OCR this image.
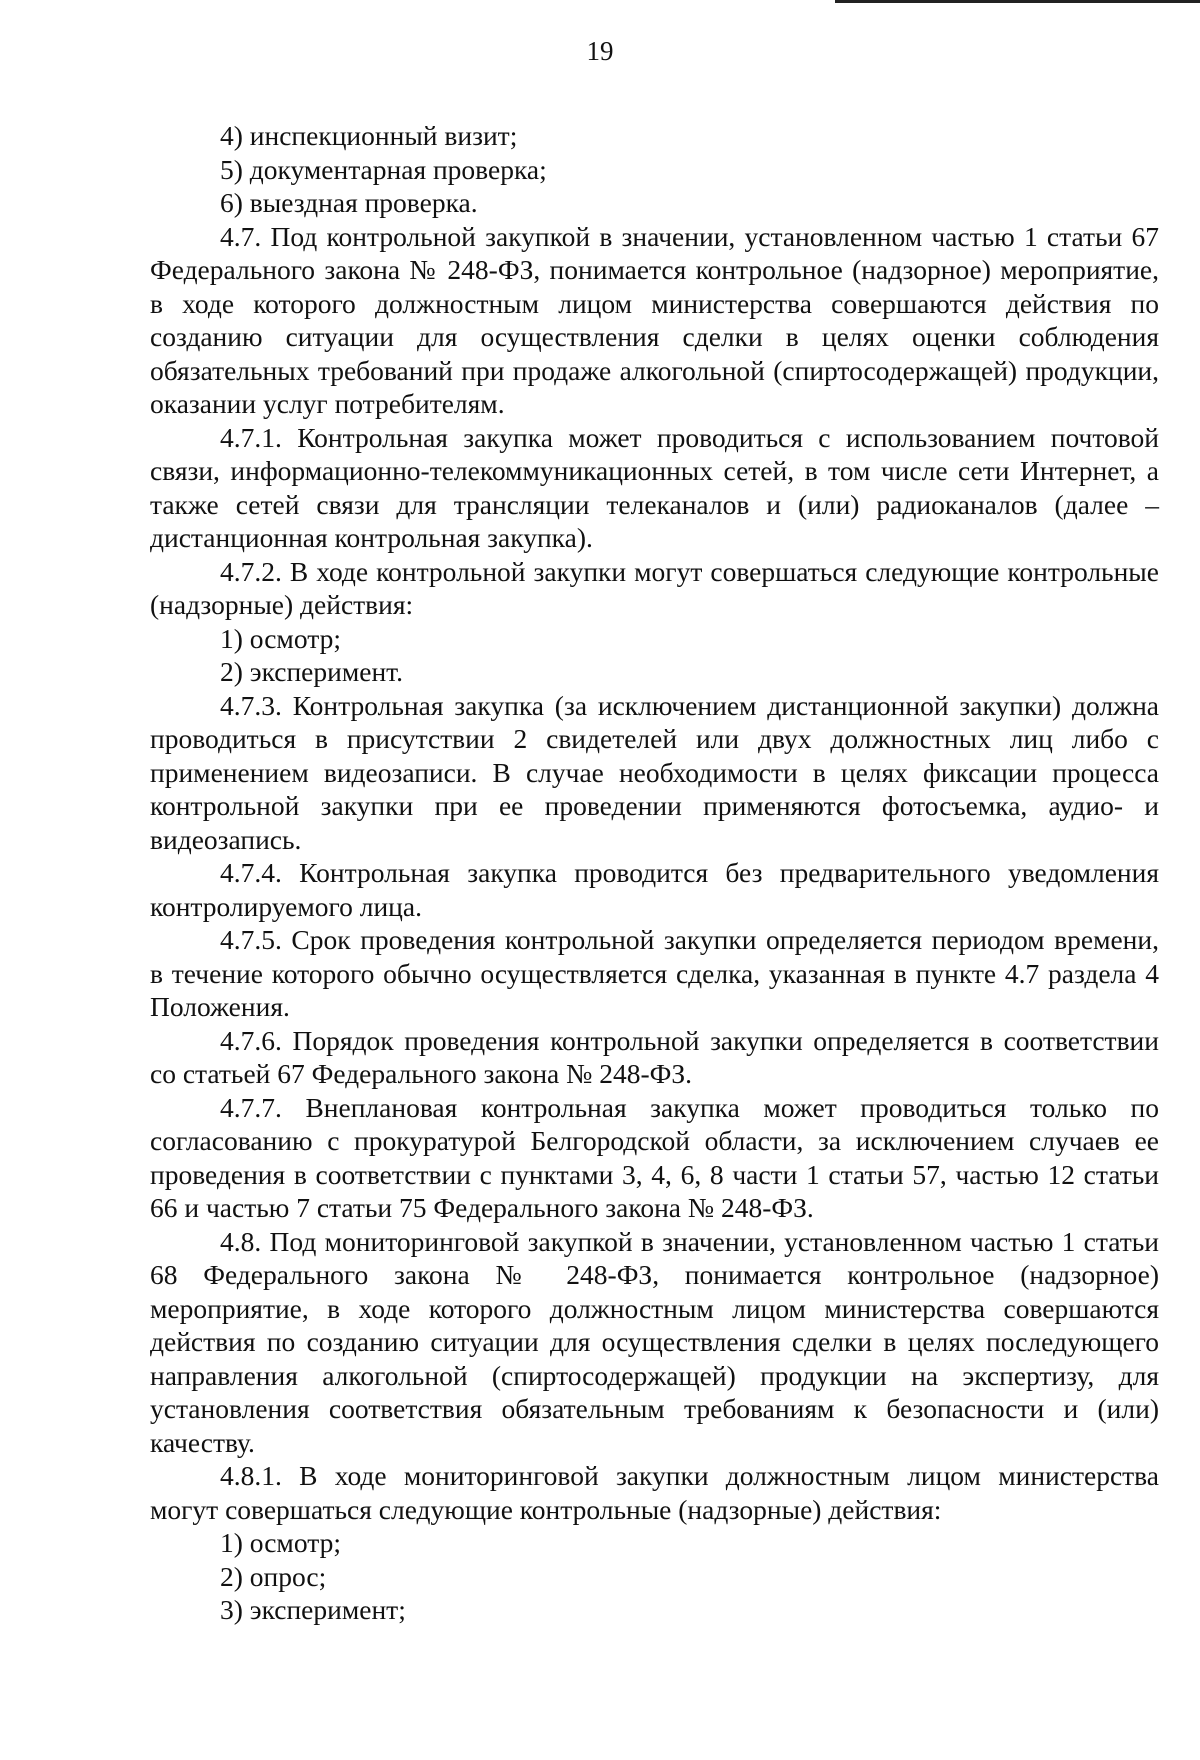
19

4) инспекционный визит;

5) документарная проверка;

6) выездная проверка.

4.7. Под контрольной закупкой в значении, установленном частью 1 статьи 67 Федерального закона № 248-ФЗ, понимается контрольное (надзорное) мероприятие, в ходе которого должностным лицом министерства совершаются действия по созданию ситуации для осуществления сделки в целях оценки соблюдения обязательных требований при продаже алкогольной (спиртосодержащей) продукции, оказании услуг потребителям.

4.7.1. Контрольная закупка может проводиться с использованием почтовой связи, информационно-телекоммуникационных сетей, в том числе сети Интернет, а также сетей связи для трансляции телеканалов и (или) радиоканалов (далее – дистанционная контрольная закупка).

4.7.2. В ходе контрольной закупки могут совершаться следующие контрольные (надзорные) действия:

1) осмотр;

2) эксперимент.

4.7.3. Контрольная закупка (за исключением дистанционной закупки) должна проводиться в присутствии 2 свидетелей или двух должностных лиц либо с применением видеозаписи. В случае необходимости в целях фиксации процесса контрольной закупки при ее проведении применяются фотосъемка, аудио- и видеозапись.

4.7.4. Контрольная закупка проводится без предварительного уведомления контролируемого лица.

4.7.5. Срок проведения контрольной закупки определяется периодом времени, в течение которого обычно осуществляется сделка, указанная в пункте 4.7 раздела 4 Положения.

4.7.6. Порядок проведения контрольной закупки определяется в соответствии со статьей 67 Федерального закона № 248-ФЗ.

4.7.7. Внеплановая контрольная закупка может проводиться только по согласованию с прокуратурой Белгородской области, за исключением случаев ее проведения в соответствии с пунктами 3, 4, 6, 8 части 1 статьи 57, частью 12 статьи 66 и частью 7 статьи 75 Федерального закона № 248-ФЗ.

4.8. Под мониторинговой закупкой в значении, установленном частью 1 статьи 68 Федерального закона № 248-ФЗ, понимается контрольное (надзорное) мероприятие, в ходе которого должностным лицом министерства совершаются действия по созданию ситуации для осуществления сделки в целях последующего направления алкогольной (спиртосодержащей) продукции на экспертизу, для установления соответствия обязательным требованиям к безопасности и (или) качеству.

4.8.1. В ходе мониторинговой закупки должностным лицом министерства могут совершаться следующие контрольные (надзорные) действия:

1) осмотр;

2) опрос;

3) эксперимент;
